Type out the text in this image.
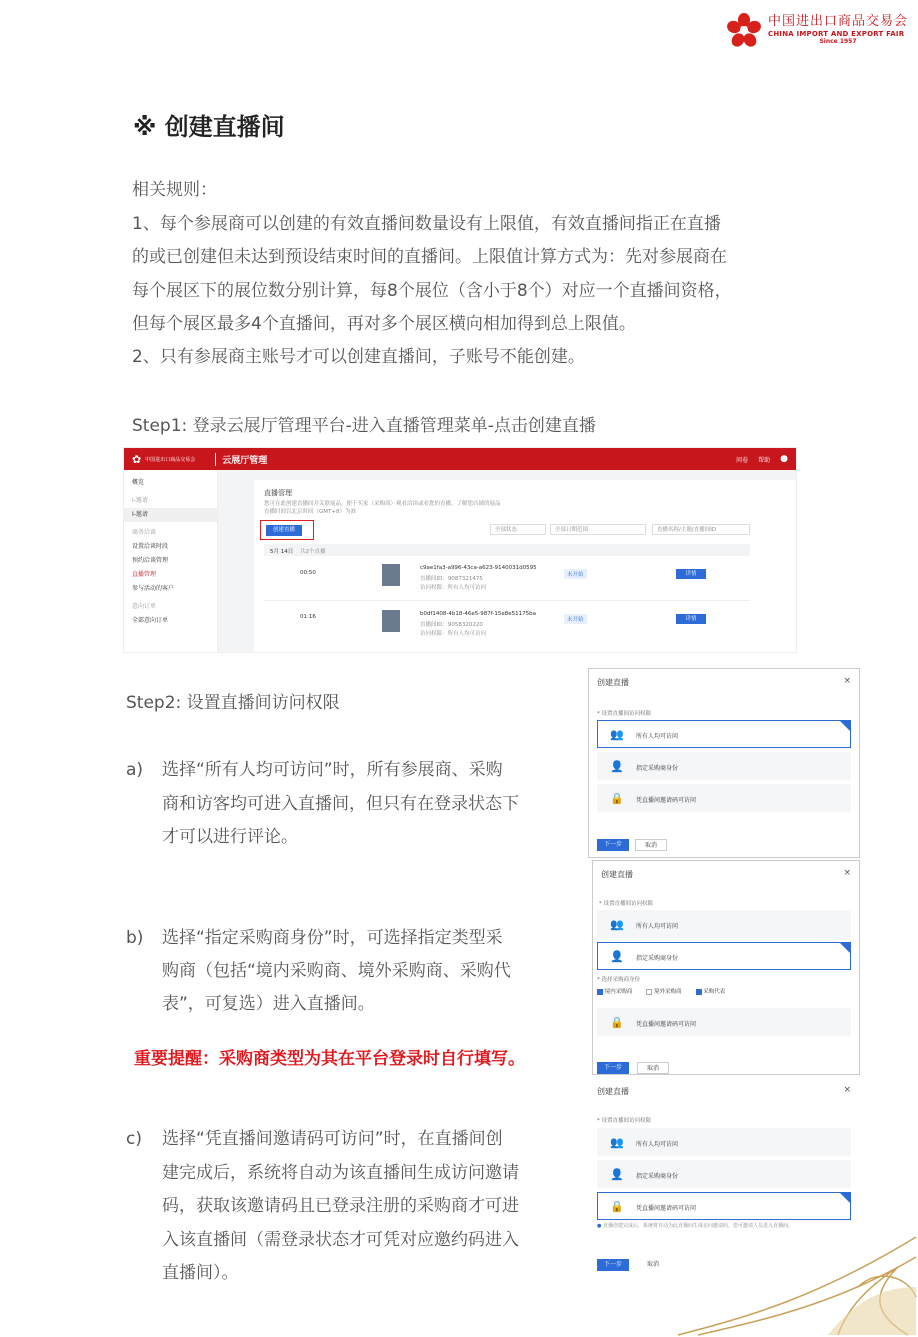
中国进出口商品交易会
CHINA IMPORT AND EXPORT FAIR
Since 1957
※ 创建直播间
相关规则：
1、每个参展商可以创建的有效直播间数量设有上限值，有效直播间指正在直播
的或已创建但未达到预设结束时间的直播间。上限值计算方式为：先对参展商在
每个展区下的展位数分别计算，每8个展位（含小于8个）对应一个直播间资格，
但每个展区最多4个直播间，再对多个展区横向相加得到总上限值。
2、只有参展商主账号才可以创建直播间，子账号不能创建。
Step1: 登录云展厅管理平台-进入直播管理菜单-点击创建直播
✿ 中国进出口商品交易会	云展厅管理	问卷 帮助 ●
概览
I-邀请
I-邀请
商务洽谈
设置洽谈时段
预约洽谈管理
直播管理
参与活动的客户
意向订单
全部意向订单
直播管理
您可在此创建直播间并关联展品，便于买家（采购商）观看洽谈或看您的直播，了解您店铺的展品
直播时间以北京时间（GMT+8）为准
创建直播	全部状态	全部日期范围	直播名称/主题/直播间ID
5月 14日 共2个直播
00:50
c9ae1fa3-a996-43ca-a623-9140031d0595
直播间ID：9087321475
访问权限：所有人均可访问
未开始	详情
01:16	b0df1408-4b18-46e5-987f-15e8e51175ba
直播间ID：9058320220
访问权限：所有人均可访问
未开始	详情
Step2: 设置直播间访问权限
a) 选择“所有人均可访问”时，所有参展商、采购
商和访客均可进入直播间，但只有在登录状态下
才可以进行评论。
b) 选择“指定采购商身份”时，可选择指定类型采
购商（包括“境内采购商、境外采购商、采购代
表”，可复选）进入直播间。
重要提醒：采购商类型为其在平台登录时自行填写。
c) 选择“凭直播间邀请码可访问”时，在直播间创
建完成后，系统将自动为该直播间生成访问邀请
码，获取该邀请码且已登录注册的采购商才可进
入该直播间（需登录状态才可凭对应邀约码进入
直播间）。
创建直播	×
* 设置直播间访问权限
👥 所有人均可访问
👤 指定采购商身份
🔒 凭直播间邀请码可访问
下一步	取消
创建直播	×
* 设置直播间访问权限
👥 所有人均可访问
👤 指定采购商身份
* 选择采购商身份
境内采购商	境外采购商	采购代表
🔒 凭直播间邀请码可访问
下一步	取消
创建直播	×
* 设置直播间访问权限
👥 所有人均可访问
👤 指定采购商身份
🔒 凭直播间邀请码可访问
● 直播创建完成后，系统将自动为此直播间生成访问邀请码，您可邀请人员进入直播间。
下一步	取消
